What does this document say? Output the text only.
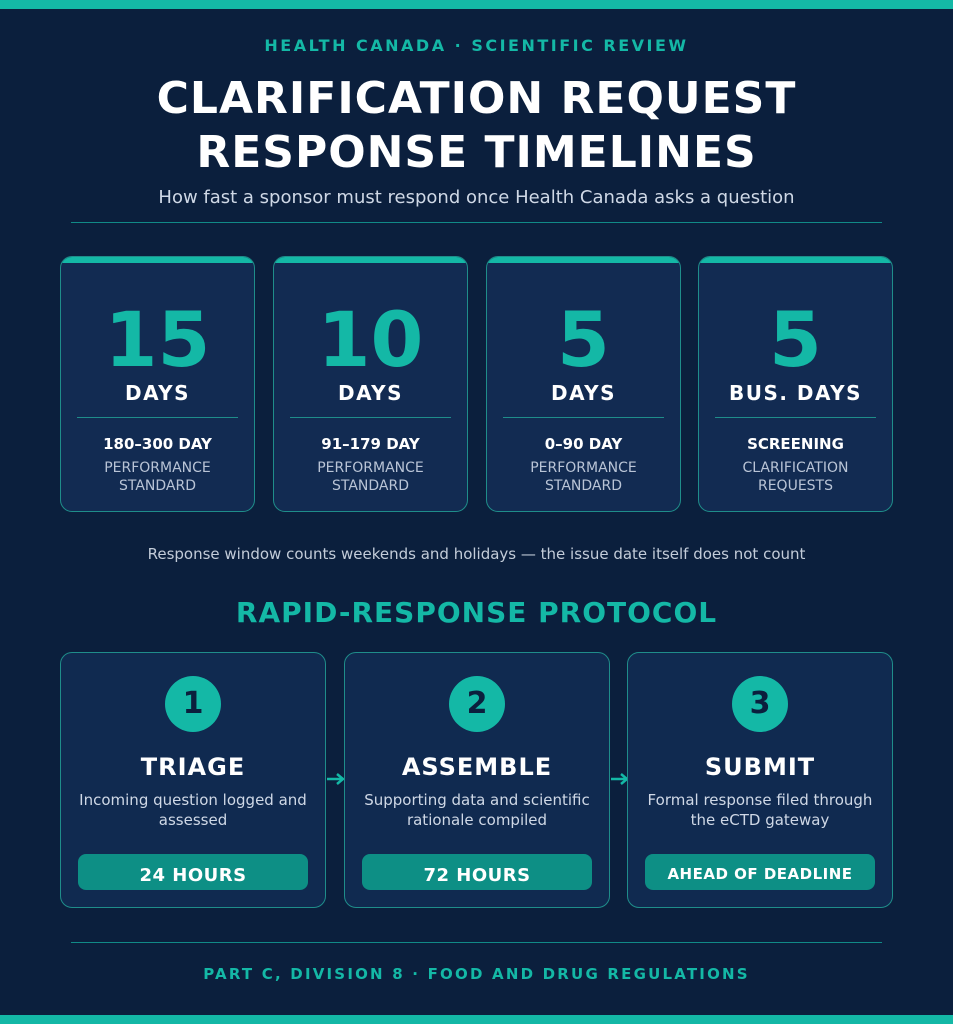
HEALTH CANADA · SCIENTIFIC REVIEW
CLARIFICATION REQUEST
RESPONSE TIMELINES
How fast a sponsor must respond once Health Canada asks a question
15
DAYS
180–300 DAY
PERFORMANCE
STANDARD
10
DAYS
91–179 DAY
PERFORMANCE
STANDARD
5
DAYS
0–90 DAY
PERFORMANCE
STANDARD
5
BUS. DAYS
SCREENING
CLARIFICATION
REQUESTS
Response window counts weekends and holidays — the issue date itself does not count
RAPID-RESPONSE PROTOCOL
1
TRIAGE
Incoming question logged and
assessed
24 HOURS
2
ASSEMBLE
Supporting data and scientific
rationale compiled
72 HOURS
3
SUBMIT
Formal response filed through
the eCTD gateway
AHEAD OF DEADLINE
PART C, DIVISION 8 · FOOD AND DRUG REGULATIONS
